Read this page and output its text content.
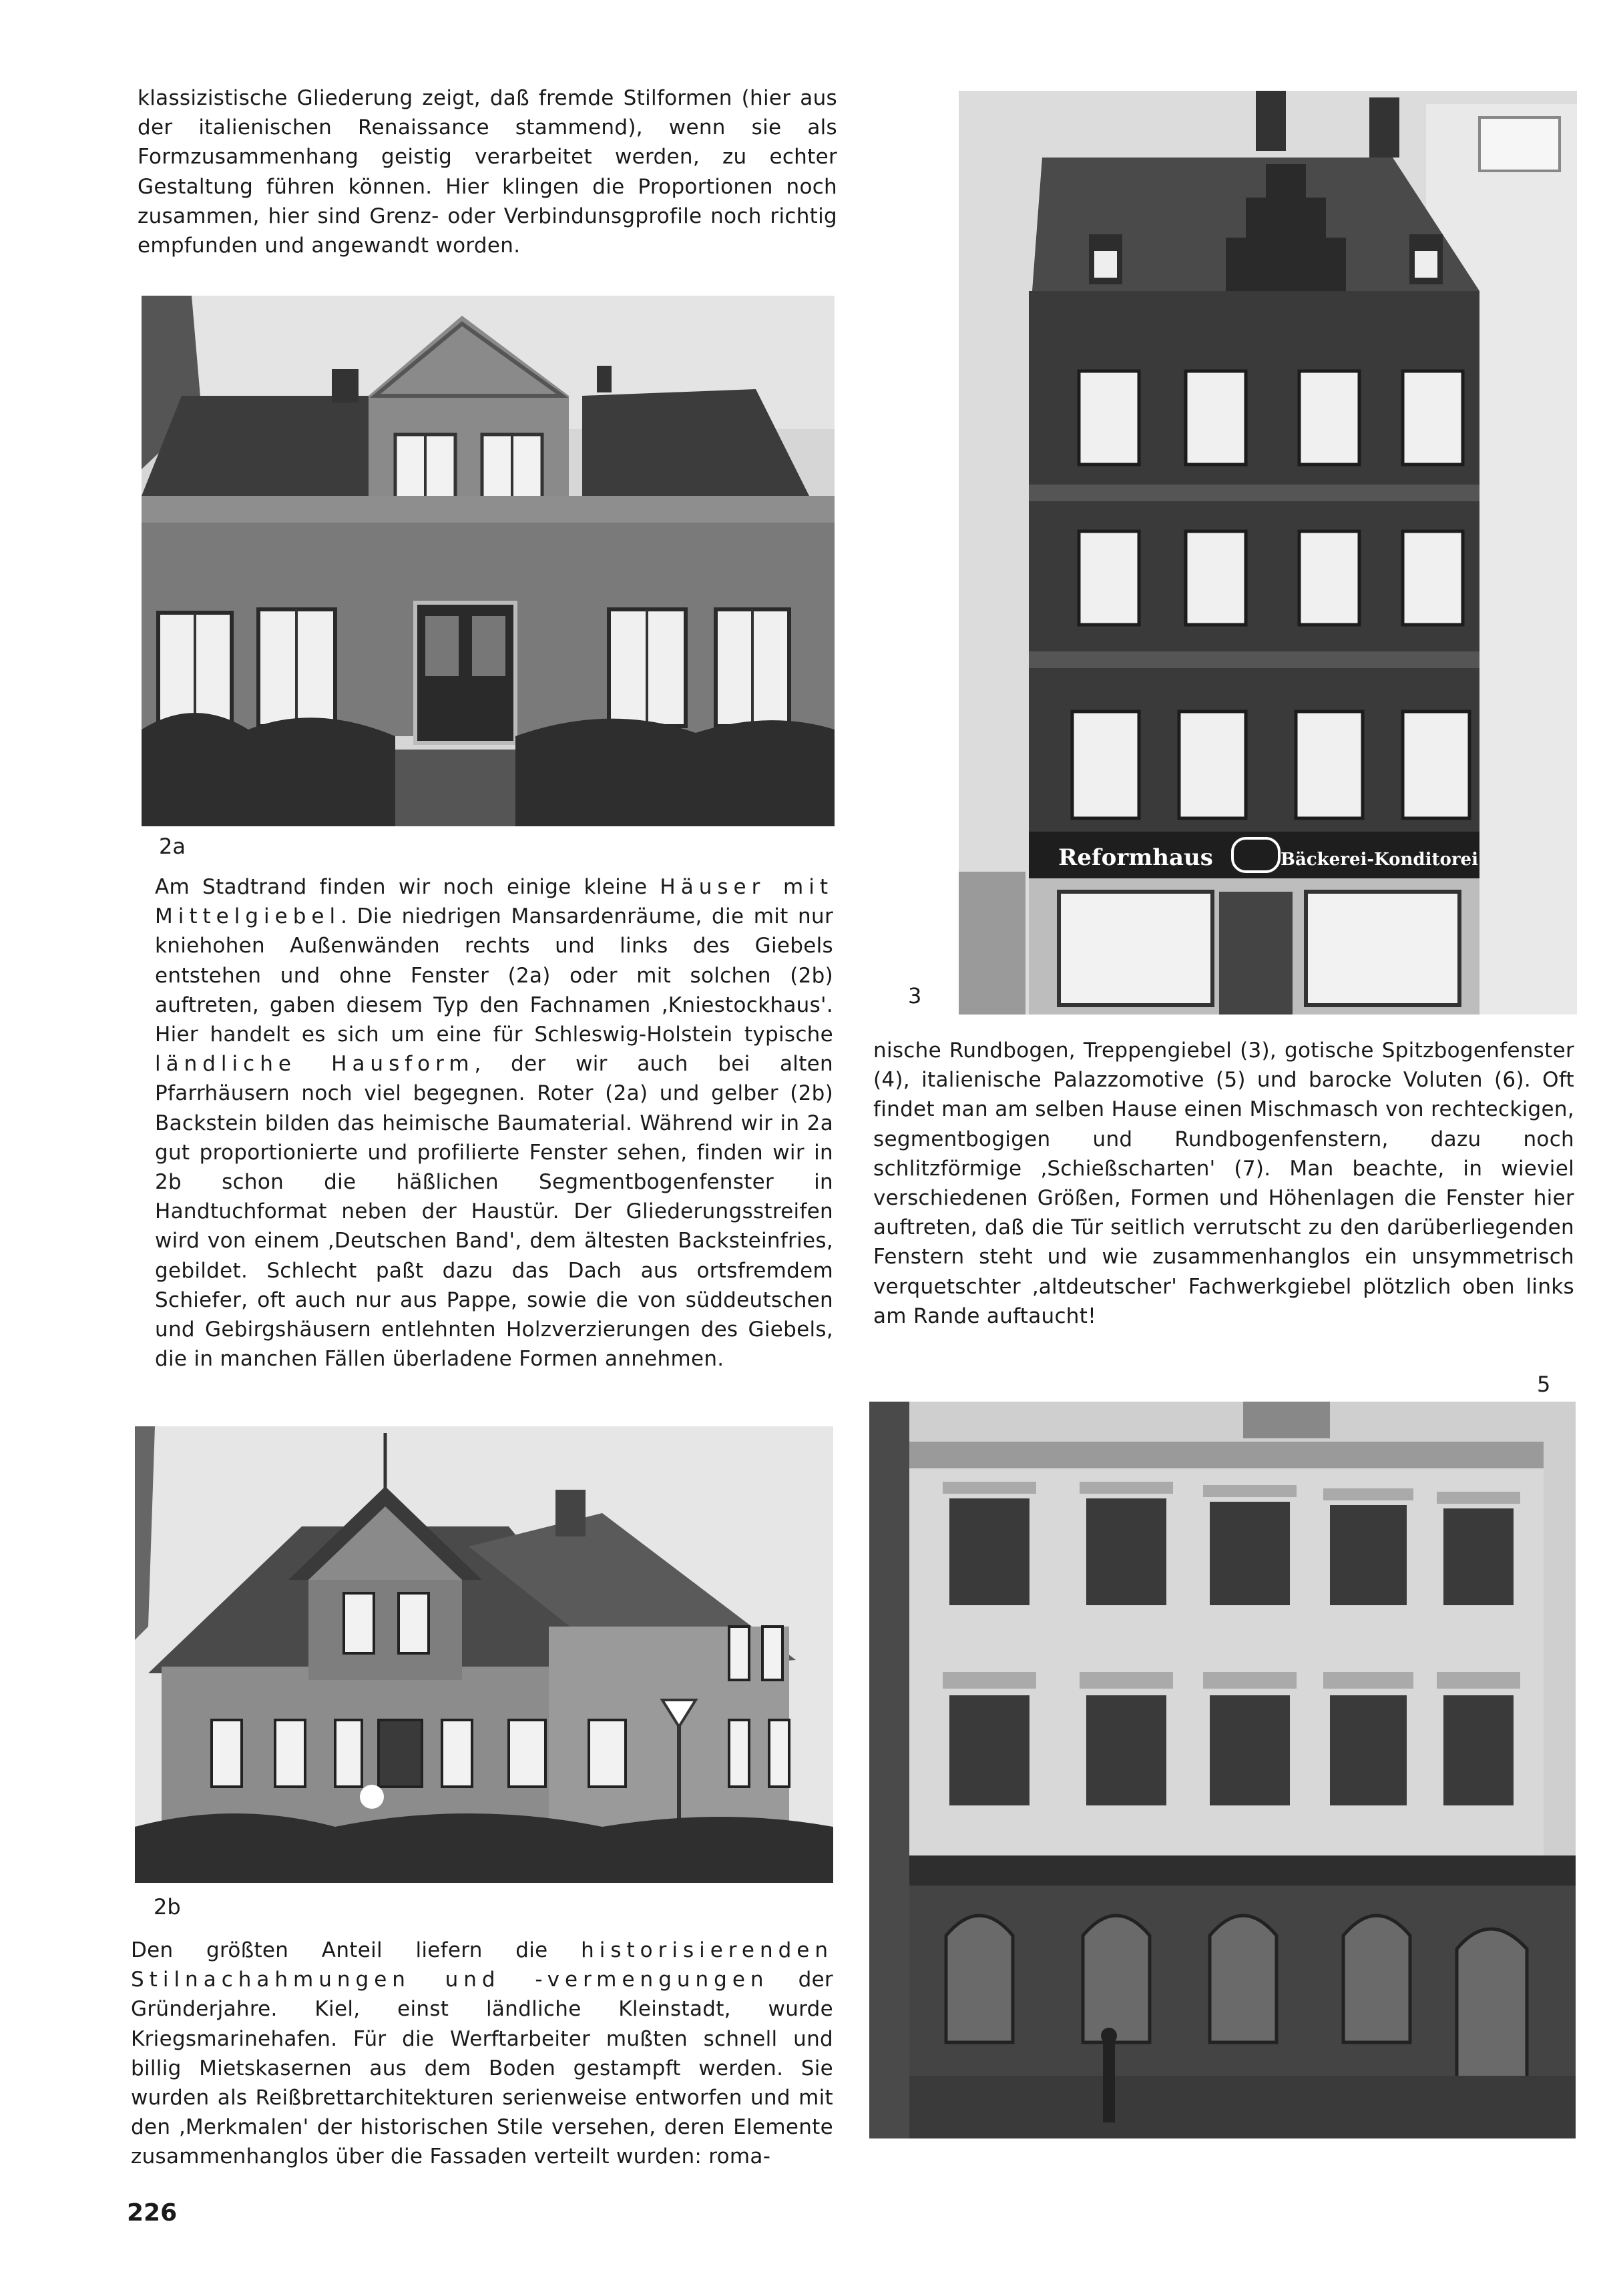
klassizistische Gliederung zeigt, daß fremde Stilformen (hier aus der italienischen Renaissance stammend), wenn sie als Formzusammenhang geistig verarbeitet werden, zu echter Gestaltung führen können. Hier klingen die Proportionen noch zusammen, hier sind Grenz- oder Verbindunsgprofile noch richtig empfunden und angewandt worden.

2a

Am Stadtrand finden wir noch einige kleine Häuser mit Mittelgiebel. Die niedrigen Mansardenräume, die mit nur kniehohen Außenwänden rechts und links des Giebels entstehen und ohne Fenster (2a) oder mit solchen (2b) auftreten, gaben diesem Typ den Fachnamen ‚Kniestockhaus'. Hier handelt es sich um eine für Schleswig-Holstein typische ländliche Hausform, der wir auch bei alten Pfarrhäusern noch viel begegnen. Roter (2a) und gelber (2b) Backstein bilden das heimische Baumaterial. Während wir in 2a gut proportionierte und profilierte Fenster sehen, finden wir in 2b schon die häßlichen Segmentbogenfenster in Handtuchformat neben der Haustür. Der Gliederungsstreifen wird von einem ‚Deutschen Band', dem ältesten Backsteinfries, gebildet. Schlecht paßt dazu das Dach aus ortsfremdem Schiefer, oft auch nur aus Pappe, sowie die von süddeutschen und Gebirgshäusern entlehnten Holzverzierungen des Giebels, die in manchen Fällen überladene Formen annehmen.

2b

Den größten Anteil liefern die historisierenden Stilnachahmungen und -vermengungen der Gründerjahre. Kiel, einst ländliche Kleinstadt, wurde Kriegsmarinehafen. Für die Werftarbeiter mußten schnell und billig Mietskasernen aus dem Boden gestampft werden. Sie wurden als Reißbrettarchitekturen serienweise entworfen und mit den ‚Merkmalen' der historischen Stile versehen, deren Elemente zusammenhanglos über die Fassaden verteilt wurden: roma-

Reformhaus	Bäckerei-Konditorei

3

nische Rundbogen, Treppengiebel (3), gotische Spitzbogenfenster (4), italienische Palazzomotive (5) und barocke Voluten (6). Oft findet man am selben Hause einen Mischmasch von rechteckigen, segmentbogigen und Rundbogenfenstern, dazu noch schlitzförmige ‚Schießscharten' (7). Man beachte, in wieviel verschiedenen Größen, Formen und Höhenlagen die Fenster hier auftreten, daß die Tür seitlich verrutscht zu den darüberliegenden Fenstern steht und wie zusammenhanglos ein unsymmetrisch verquetschter ‚altdeutscher' Fachwerkgiebel plötzlich oben links am Rande auftaucht!

5

226
